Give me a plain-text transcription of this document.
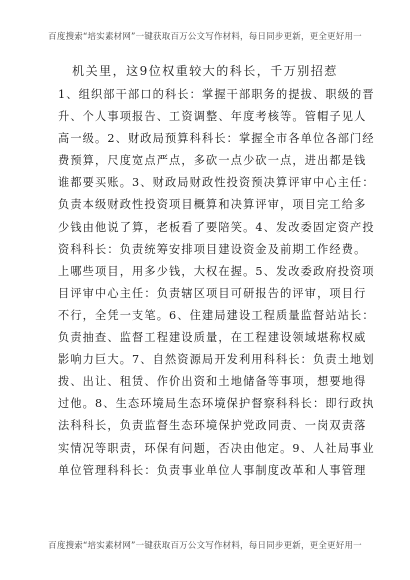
百度搜索“培实素材网”一键获取百万公文写作材料，每日同步更新，更全更好用一
机关里，这9位权重较大的科长，千万别招惹
1、组织部干部口的科长：掌握干部职务的提拔、职级的晋
升、个人事项报告、工资调整、年度考核等。管帽子见人
高一级。2、财政局预算科科长：掌握全市各单位各部门经
费预算，尺度宽点严点，多砍一点少砍一点，进出都是钱
谁都要买账。3、财政局财政性投资预决算评审中心主任：
负责本级财政性投资项目概算和决算评审，项目完工给多
少钱由他说了算，老板看了要陪笑。4、发改委固定资产投
资科科长：负责统筹安排项目建设资金及前期工作经费。
上哪些项目，用多少钱，大权在握。5、发改委政府投资项
目评审中心主任：负责辖区项目可研报告的评审，项目行
不行，全凭一支笔。6、住建局建设工程质量监督站站长：
负责抽查、监督工程建设质量，在工程建设领域堪称权威
影响力巨大。7、自然资源局开发利用科科长：负责土地划
拨、出让、租赁、作价出资和土地储备等事项，想要地得
过他。8、生态环境局生态环境保护督察科科长：即行政执
法科科长，负责监督生态环境保护党政同责、一岗双责落
实情况等职责，环保有问题，否决由他定。9、人社局事业
单位管理科科长：负责事业单位人事制度改革和人事管理
百度搜索“培实素材网”一键获取百万公文写作材料，每日同步更新，更全更好用一
